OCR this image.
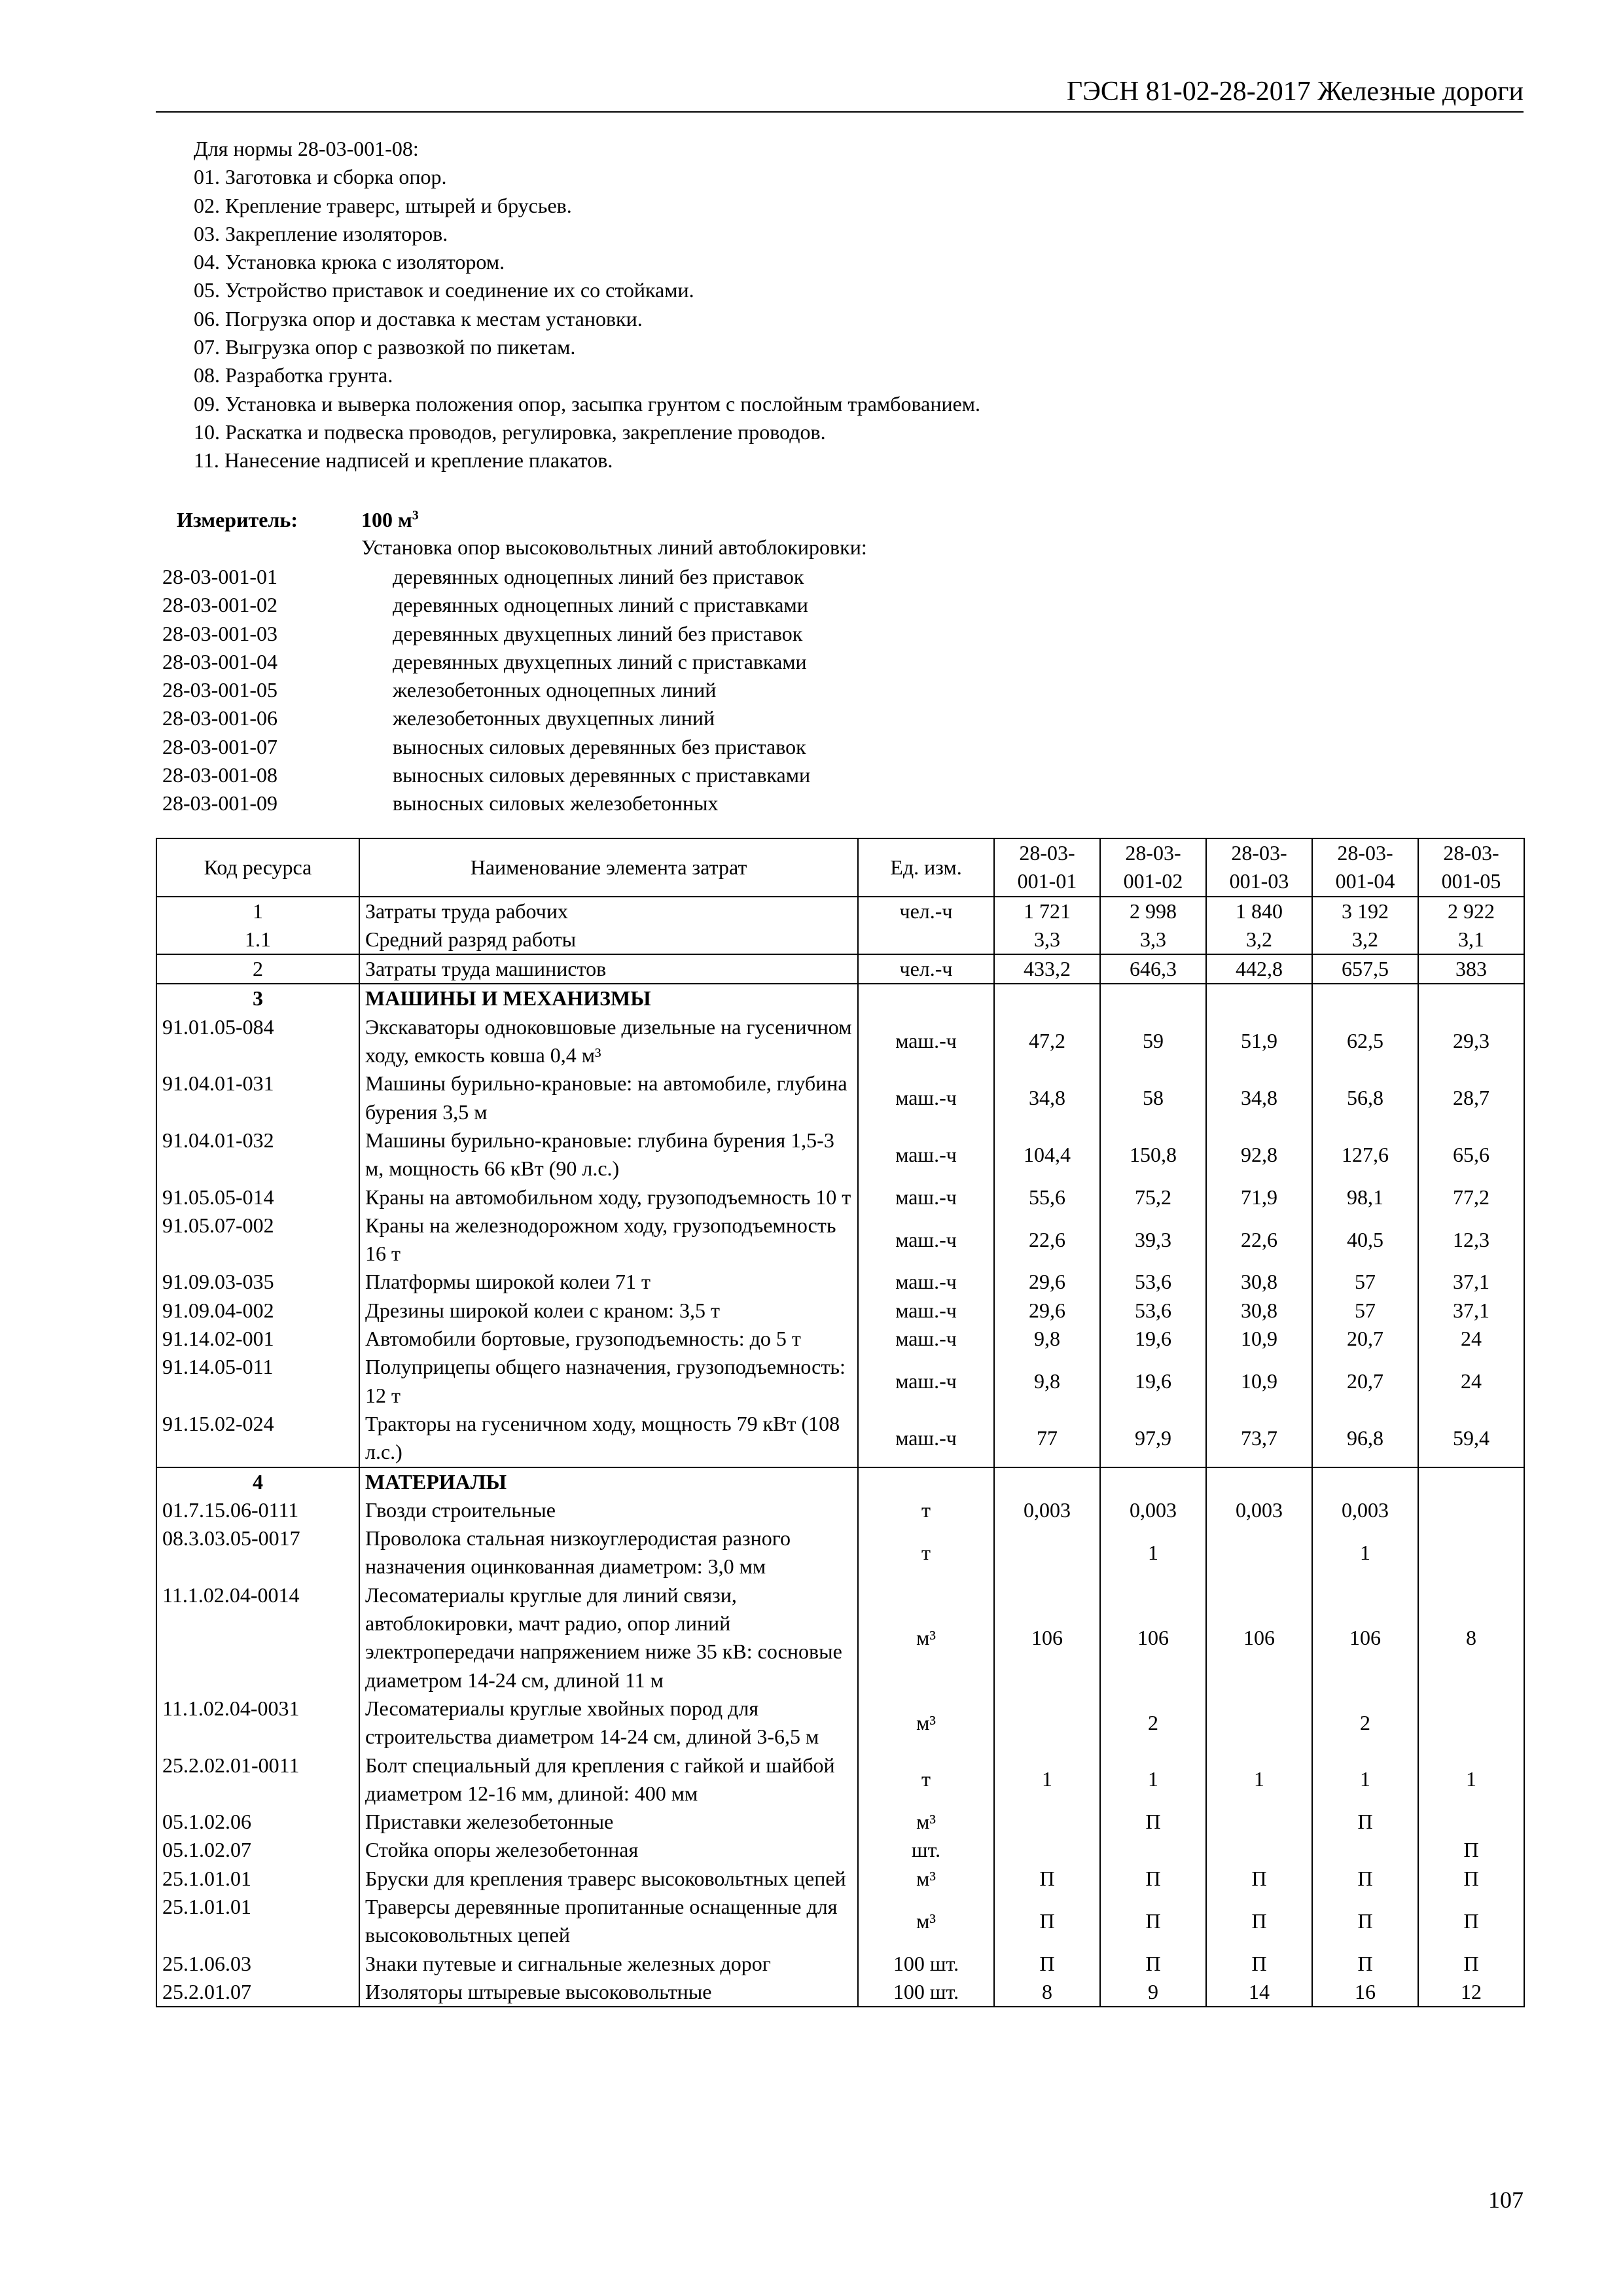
ГЭСН 81-02-28-2017 Железные дороги
Для нормы 28-03-001-08:
01. Заготовка и сборка опор.
02. Крепление траверс, штырей и брусьев.
03. Закрепление изоляторов.
04. Установка крюка с изолятором.
05. Устройство приставок и соединение их со стойками.
06. Погрузка опор и доставка к местам установки.
07. Выгрузка опор с развозкой по пикетам.
08. Разработка грунта.
09. Установка и выверка положения опор, засыпка грунтом с послойным трамбованием.
10. Раскатка и подвеска проводов, регулировка, закрепление проводов.
11. Нанесение надписей и крепление плакатов.
Измеритель:	100 $м^3$
Установка опор высоковольтных линий автоблокировки:
28-03-001-01	деревянных одноцепных линий без приставок
28-03-001-02	деревянных одноцепных линий с приставками
28-03-001-03	деревянных двухцепных линий без приставок
28-03-001-04	деревянных двухцепных линий с приставками
28-03-001-05	железобетонных одноцепных линий
28-03-001-06	железобетонных двухцепных линий
28-03-001-07	выносных силовых деревянных без приставок
28-03-001-08	выносных силовых деревянных с приставками
28-03-001-09	выносных силовых железобетонных
Код ресурса	Наименование элемента затрат	Ед. изм.	28-03-
001-01	28-03-
001-02	28-03-
001-03	28-03-
001-04	28-03-
001-05
1	Затраты труда рабочих	чел.-ч	1 721	2 998	1 840	3 192	2 922
1.1	Средний разряд работы		3,3	3,3	3,2	3,2	3,1
2	Затраты труда машинистов	чел.-ч	433,2	646,3	442,8	657,5	383
3	МАШИНЫ И МЕХАНИЗМЫ						
91.01.05-084	Экскаваторы одноковшовые дизельные на гусеничном ходу, емкость ковша 0,4 м³	маш.-ч	47,2	59	51,9	62,5	29,3
91.04.01-031	Машины бурильно-крановые: на автомобиле, глубина бурения 3,5 м	маш.-ч	34,8	58	34,8	56,8	28,7
91.04.01-032	Машины бурильно-крановые: глубина бурения 1,5-3 м, мощность 66 кВт (90 л.с.)	маш.-ч	104,4	150,8	92,8	127,6	65,6
91.05.05-014	Краны на автомобильном ходу, грузоподъемность 10 т	маш.-ч	55,6	75,2	71,9	98,1	77,2
91.05.07-002	Краны на железнодорожном ходу, грузоподъемность 16 т	маш.-ч	22,6	39,3	22,6	40,5	12,3
91.09.03-035	Платформы широкой колеи 71 т	маш.-ч	29,6	53,6	30,8	57	37,1
91.09.04-002	Дрезины широкой колеи с краном: 3,5 т	маш.-ч	29,6	53,6	30,8	57	37,1
91.14.02-001	Автомобили бортовые, грузоподъемность: до 5 т	маш.-ч	9,8	19,6	10,9	20,7	24
91.14.05-011	Полуприцепы общего назначения, грузоподъемность: 12 т	маш.-ч	9,8	19,6	10,9	20,7	24
91.15.02-024	Тракторы на гусеничном ходу, мощность 79 кВт (108 л.с.)	маш.-ч	77	97,9	73,7	96,8	59,4
4	МАТЕРИАЛЫ						
01.7.15.06-0111	Гвозди строительные	т	0,003	0,003	0,003	0,003	
08.3.03.05-0017	Проволока стальная низкоуглеродистая разного назначения оцинкованная диаметром: 3,0 мм	т		1		1	
11.1.02.04-0014	Лесоматериалы круглые для линий связи, автоблокировки, мачт радио, опор линий электропередачи напряжением ниже 35 кВ: сосновые диаметром 14-24 см, длиной 11 м	м³	106	106	106	106	8
11.1.02.04-0031	Лесоматериалы круглые хвойных пород для строительства диаметром 14-24 см, длиной 3-6,5 м	м³		2		2	
25.2.02.01-0011	Болт специальный для крепления с гайкой и шайбой диаметром 12-16 мм, длиной: 400 мм	т	1	1	1	1	1
05.1.02.06	Приставки железобетонные	м³		П		П	
05.1.02.07	Стойка опоры железобетонная	шт.					П
25.1.01.01	Бруски для крепления траверс высоковольтных цепей	м³	П	П	П	П	П
25.1.01.01	Траверсы деревянные пропитанные оснащенные для высоковольтных цепей	м³	П	П	П	П	П
25.1.06.03	Знаки путевые и сигнальные железных дорог	100 шт.	П	П	П	П	П
25.2.01.07	Изоляторы штыревые высоковольтные	100 шт.	8	9	14	16	12
107
